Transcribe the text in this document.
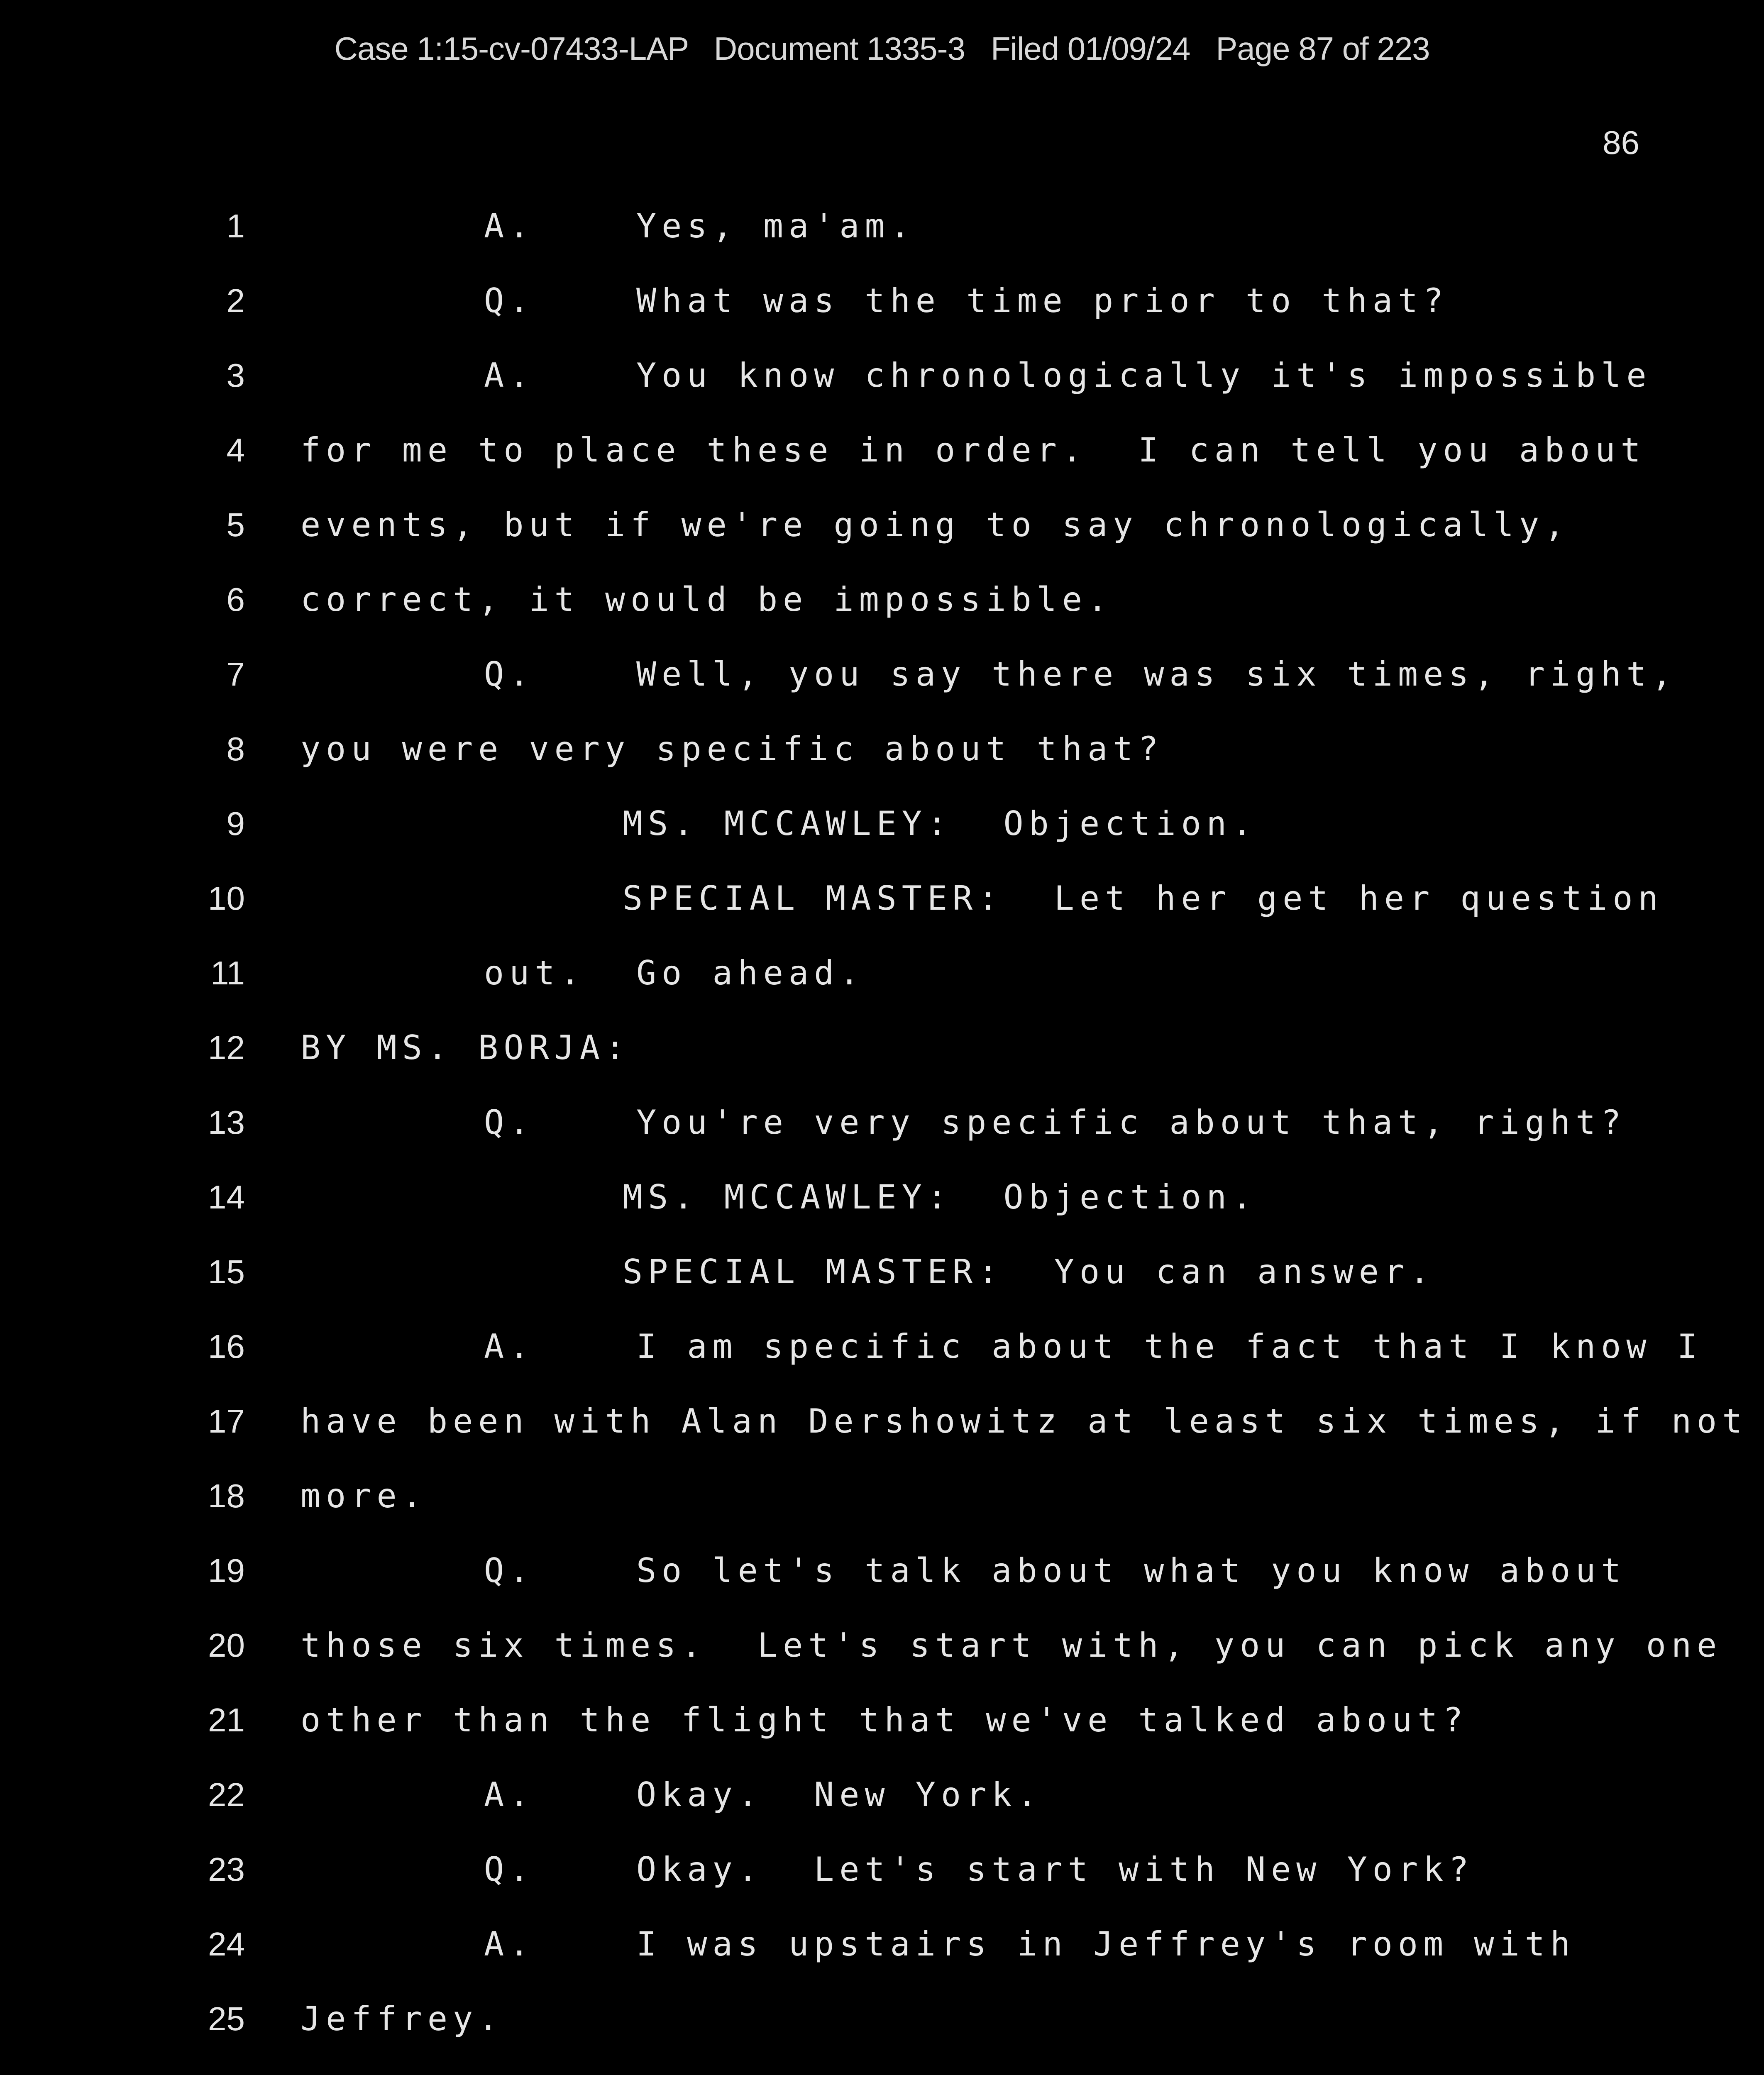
Case 1:15-cv-07433-LAP   Document 1335-3   Filed 01/09/24   Page 87 of 223
86
1	A.    Yes, ma'am.
2	Q.    What was the time prior to that?
3	A.    You know chronologically it's impossible
4 for me to place these in order.  I can tell you about
5 events, but if we're going to say chronologically,
6 correct, it would be impossible.
7	Q.    Well, you say there was six times, right,
8 you were very specific about that?
9	MS. MCCAWLEY:  Objection.
10	SPECIAL MASTER:  Let her get her question
11	out.  Go ahead.
12 BY MS. BORJA:
13	Q.    You're very specific about that, right?
14	MS. MCCAWLEY:  Objection.
15	SPECIAL MASTER:  You can answer.
16	A.    I am specific about the fact that I know I
17 have been with Alan Dershowitz at least six times, if not
18 more.
19	Q.    So let's talk about what you know about
20 those six times.  Let's start with, you can pick any one
21 other than the flight that we've talked about?
22	A.    Okay.  New York.
23	Q.    Okay.  Let's start with New York?
24	A.    I was upstairs in Jeffrey's room with
25 Jeffrey.
